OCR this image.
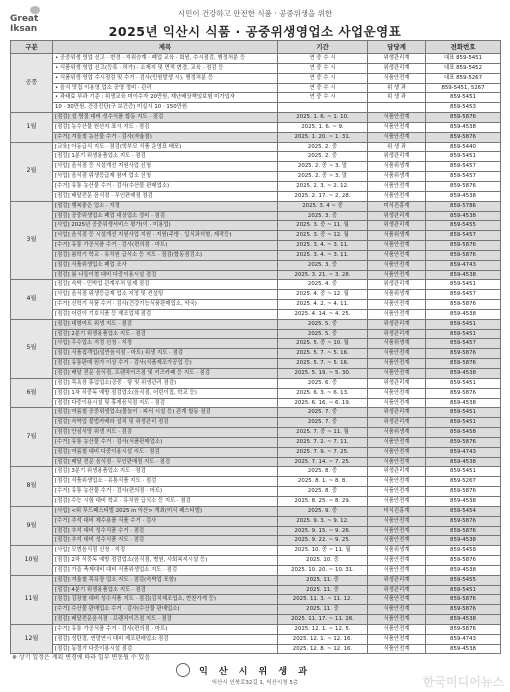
Great Iksan
시민이 건강하고 안전한 식품 · 공중위생을 위한
2025년 익산시 식품 · 공중위생영업소 사업운영표
구분	제목	기간	담당계	전화번호
공통	• 공중위생 영업 신고 · 변경 · 지위승계 · 폐업 교육 · 회원, 수시점검, 행정처분 등	연 중 수 시	위생관리계	대표 859-5451
	• 식품위생 영업 신고(등록 · 허가) · 소재지 및 면적 변경, 교육 · 점검 등	연 중 수 시	위생관리계	대표 859-5452
	• 식품위생 영업 수시점검 및 수거 · 검사(민원발생 시), 행정처분 등	연 중 수 시	식품안전계	대표 859-5267
	• 음식 맛집 이용영 업소 공영 정비 · 관리	연 중 수 시	위 생 과	859-5451, 5267
	• 과태료 부과 기준 : 위생교육 미이수자 20만원, 재난배상책임보험 미가입자	연 중 수 시	위 생 과	859-5451
	10 · 30만원, 건강진단(구 보건증) 미실시 10 · 150만원			859-5453
1월	[점검] 설 명절 대비 성수식품 합동 지도 · 점검	2025. 1. 6. ~ 1. 10.	식품안전계	859-5876
	[점검] 농수산물 원산지 표시 지도 · 점검	2025. 1. 6. ~ 9.	식품안전계	859-4538
	[수거] 겨울철 농산물 수거 · 검사(자율점)	2025. 1. 20. ~ 1. 31.	식품안전계	859-5876
2월	[교육] 아동급식 지도 · 점검(학부모 식품 운영표 배포)	2025. 2. 중	위 생 과	859-5440
	[점검] 1분기 위생용품업소 지도 · 점검	2025. 2. 중	위생관리계	859-5451
	[사업] 음식점 등 시설개선 지원사업 신청	2025. 2. 중 ~ 3. 말	식품위생계	859-5457
	[사업] 음식점 위생등급제 참여 업소 신청	2025. 2. 중 ~ 3. 말	식품위생계	859-5457
	[수거] 유통 농산물 수거 · 검사(수산물 판매업소)	2025. 2. 3. ~ 2. 12.	식품안전계	859-5876
	[점검] 배달전문 음식점 · 무인판매점 점검	2025. 2. 17. ~ 2. 28.	식품안전계	859-4538
3월	[점검] 행복좋은 업소 · 지정	2025. 3. 4 ~ 중	미식진흥계	859-5786
	[점검] 공중위생업소 폐업 대상업소 정비 · 점검	2025. 3. 중	위생관리계	859-4538
	[사업] 2025년 공중위생서비스 평가(이 · 미용업)	2025. 3. 중 ~ 11. 월	위생관리계	859-5455
	[사업] 음식점 등 시설개선 지원사업 지원 · 지원(주방 · 입식좌석형, 제작등)	2025. 3. 중 ~ 12. 월	식품위생계	859-5457
	[수거] 유통 가공식품 수거 · 검사(편의점 · 마트)	2025. 3. 4. ~ 3. 11.	식품안전계	859-5876
	[점검] 봄학기 학교 · 유치원 급식소 등 지도 · 점검(합동점검소)	2025. 3. 4. ~ 3. 11.	식품안전계	859-5876
	[점검] 식품위생업소 폐업 조사	2025. 3. 중	식품안전계	859-4743
	[점검] 봄 나들이철 대비 다중이용시설 점검	2025. 3. 21. ~ 3. 28.	식품안전계	859-4538
4월	[점검] 숙박 · 민박업 관계부처 일제 점검	2025. 4. 중	위생관리계	859-5451
	[사업] 음식점 위생등급제 업소 지정 및 컨설팅	2025. 4. 중 ~ 12. 월	식품위생계	859-5457
	[수거] 신학기 식품 수거 · 검사(건강기능식품판매업소, 약국)	2025. 4. 2. ~ 4. 11.	식품안전계	859-5876
	[점검] 어린이 기호식품 등 제조업체 점검	2025. 4. 14. ~ 4. 25.	식품안전계	859-4538
5월	[점검] 대형마트 위생 지도 · 점검	2025. 5. 중	위생관리계	859-5451
	[점검] 2분기 위생용품업소 지도 · 점검	2025. 5. 중	위생관리계	859-5451
	[사업] 우수업소 지정 신청 · 지정	2025. 5. 중 ~ 10. 월	식품위생계	859-5457
	[점검] 식품접객업(일반음식점 · 마트) 위생 지도 · 점검	2025. 5. 7. ~ 5. 16.	식품안전계	859-5876
	[점검] 유통판매 원가 이상 수거 · 검사(식품제조가공업 등)	2025. 5. 7. ~ 5. 16.	식품안전계	859-5876
	[점검] 배달 전문 음식점, 프랜차이즈점 및 키즈카페 등 지도 · 점검	2025. 5. 19. ~ 5. 30.	식품안전계	859-4538
6월	[점검] 목욕장 휴업업소(공중 · 탕 및 위생관리 점검)	2025. 6. 중	위생관리계	859-5451
	[점검] 1차 식중독 예방 점검업소(음식점, 어린이집, 학교 등)	2025. 6. 3. ~ 6. 13.	식품안전계	859-5876
	[점검] 다중이용시설 및 휴게음식점 지도 · 점검	2025. 6. 16. ~ 6. 19.	식품안전계	859-4538
7월	[점검] 여름철 공중위생업소(물놀이 · 피서 시설 등) 관계 합동 점검	2025. 7. 중	위생관리계	859-5451
	[점검] 숙박업 불법카메라 설치 및 위생관리 점검	2025. 7. 중	위생관리계	859-5451
	[점검] 안심식당 위생 지도 · 점검	2025. 7. 중 ~ 11. 월	식품위생계	859-5458
	[수거] 유통 농산물 수거 · 검사(식품판매업소)	2025. 7. 2. ~ 7. 11.	식품안전계	859-5876
	[점검] 여름철 대비 다중이용시설 지도 · 점검	2025. 7. 9. ~ 7. 25.	식품안전계	859-4743
	[점검] 배달 전문 음식점 · 무인판매점 지도 · 점검	2025. 7. 14. ~ 7. 25.	식품안전계	859-4538
8월	[점검] 3분기 위생용품업소 지도 · 점검	2025. 8. 중	위생관리계	859-5451
	[점검] 식품위생업소 · 유통식품 지도 · 점검	2025. 8. 1. ~ 8. 8.	식품안전계	859-5267
	[수거] 유통 농산물 수거 · 검사(편의점 · 마트)	2025. 8. 중	식품안전계	859-5876
	[점검] 수능 시험 대비 학교 · 유치원 급식소 등 지도 · 점검	2025. 8. 25. ~ 8. 29.	식품안전계	859-4538
9월	[사업] <위 푸드페스티벌 2025 in 익산> 개최(미식 페스티벌)	2025. 9. 중	미식진흥계	859-5454
	[수거] 추석 대비 제수용품 식품 수거 · 검사	2025. 9. 3. ~ 9. 12.	식품안전계	859-5876
	[점검] 추석 대비 성수식품 수거 · 점검	2025. 9. 15. ~ 9. 26.	식품안전계	859-5876
	[점검] 추석 대비 성수식품 지도 · 점검	2025. 9. 22. ~ 9. 25.	식품안전계	859-4538
10월	[사업] 모범음식점 신청 · 지정	2025. 10. 중 ~ 11. 월	식품위생계	859-5458
	[점검] 2차 식중독 예방 점검업소(음식점, 병원, 사회복지시설 등)	2025. 10. 중	식품안전계	859-5876
	[점검] 가을 축제대비 대비 식품위생업소 지도 · 점검	2025. 10. 20. ~ 10. 31.	식품안전계	859-4538
11월	[점검] 겨울철 목욕장 업소 지도 · 점검(숙박업 포함)	2025. 11. 중	위생관리계	859-5455
	[점검] 4분기 위생용품업소 지도 · 점검	2025. 11. 중	위생관리계	859-5451
	[점검] 김장철 대비 성수식품 지도 · 점검(김치제조업소, 반찬가게 등)	2025. 11. 3. ~ 11. 12.	식품안전계	859-5876
	[수거] 수산물 판매업소 수거 · 검사(수산물 판매업소)	2025. 11. 중	식품안전계	859-5876
	[점검] 배달전문음식점 · 프랜차이즈점 지도 · 점검	2025. 11. 17. ~ 11. 28.	식품안전계	859-4538
12월	[수거] 유통 가공식품 수거 · 검사(편의점 · 마트)	2025. 12. 1. ~ 12. 5.	식품안전계	859-5876
	[점검] 성탄절, 연말연시 대비 제조판매업소 점검	2025. 12. 1. ~ 12. 16.	식품안전계	859-4743
	[점검] 동절기 다중이용시설 점검	2025. 12. 8. ~ 12. 16.	식품안전계	859-4538
※ 상기 일정은 계획 변경에 따라 일부 변동될 수 있음
익 산 시 위 생 과
익산시 인북로32길 1, 익산시청 5층	한국미디어뉴스
